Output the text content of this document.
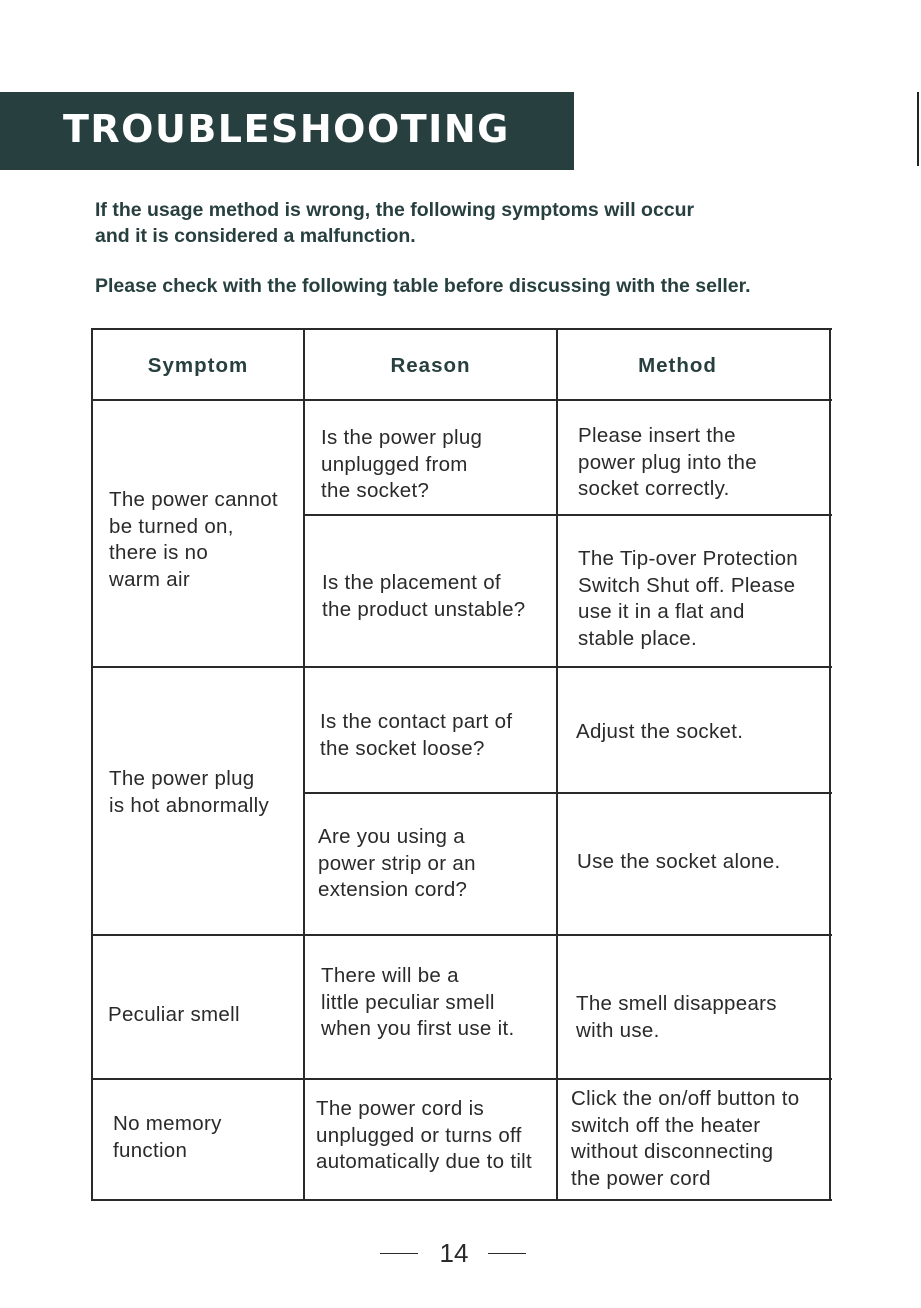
TROUBLESHOOTING

If the usage method is wrong, the following symptoms will occur
and it is considered a malfunction.

Please check with the following table before discussing with the seller.

Symptom	Reason	Method
The power cannot
be turned on,
there is no
warm air
Is the power plug
unplugged from
the socket?
Please insert the
power plug into the
socket correctly.
Is the placement of
the product unstable?
The Tip-over Protection
Switch Shut off. Please
use it in a flat and
stable place.
The power plug
is hot abnormally
Is the contact part of
the socket loose?
Adjust the socket.
Are you using a
power strip or an
extension cord?
Use the socket alone.
Peculiar smell
There will be a
little peculiar smell
when you first use it.
The smell disappears
with use.
No memory
function
The power cord is
unplugged or turns off
automatically due to tilt
Click the on/off button to
switch off the heater
without disconnecting
the power cord
14
